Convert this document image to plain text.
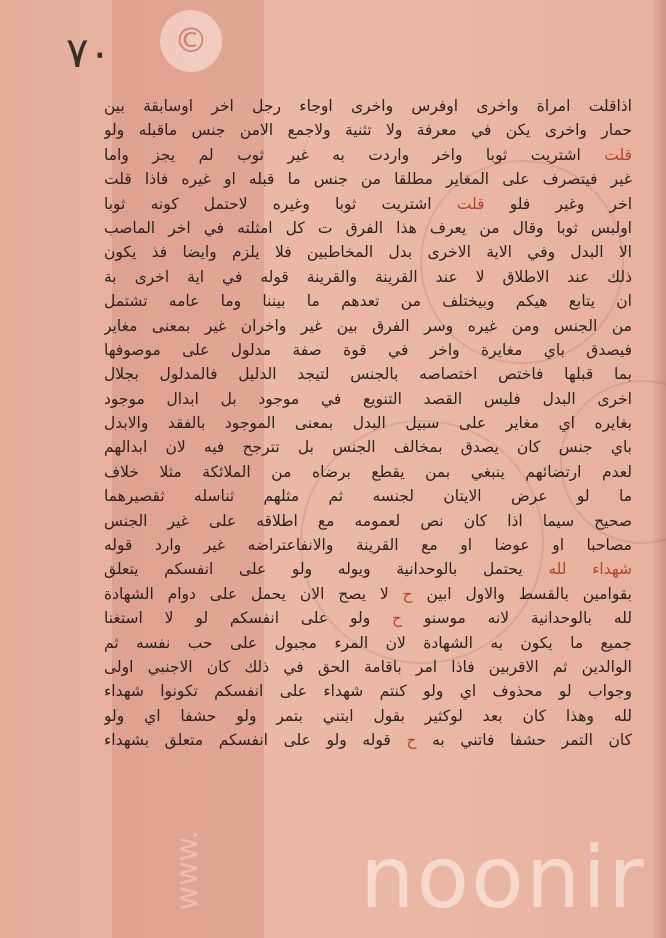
٧٠	©
اذاقلت امراة واخرى اوفرس واخرى اوجاء رجل اخر اوسابقة بين
حمار واخرى يكن في معرفة ولا تثنية ولاجمع الامن جنس ماقبله ولو
قلت اشتريت ثوبا واخر واردت به غير ثوب لم يجز واما
غير فيتصرف على المغاير مطلقا من جنس ما قبله او غيره فاذا قلت
اخر وغير فلو قلت اشتريت ثوبا وغيره لاحتمل كونه ثوبا
اولبس ثوبا وقال من يعرف هذا الفرق ت كل امثلته في اخر الماصب
الا البدل وفي الاية الاخرى بدل المخاطبين فلا يلزم وايضا فذ يكون
ذلك عند الاطلاق لا عند القرينة والقرينة قوله في اية اخرى بة
ان يتابع هيكم وبيختلف من تعدهم ما بيننا وما عامه تشتمل
من الجنس ومن غيره وسر الفرق بين غير واخران غير بمعنى مغاير
فيصدق باي مغايرة واخر في قوة صفة مدلول على موصوفها
بما قبلها فاختص اختصاصه بالجنس لتيجد الدليل فالمدلول بجلال
اخرى البدل فليس القصد التنويع في موجود بل ابدال موجود
بغايره اي مغاير على سبيل البدل بمعنى الموجود بالفقد والابدل
باي جنس كان يصدق بمخالف الجنس بل تترجح فيه لان ابدالهم
لعدم ارتضائهم ينبغي بمن يقطع برضاه من الملائكة مثلا خلاف
ما لو عرض الايتان لجنسه ثم مثلهم ثناسله ثقصيرهما
صحيح سيما اذا كان نص لعمومه مع اطلاقه على غير الجنس
مصاحبا او عوضا او مع القرينة والانفاعتراضه غير وارد قوله
شهداء لله يحتمل بالوحدانية ويوله ولو على انفسكم يتعلق
بقوامين بالقسط والاول ابين ح لا يصح الان يحمل على دوام الشهادة
لله بالوحدانية لانه موسنو ح ولو على انفسكم لو لا استغنا
جميع ما يكون به الشهادة لان المرء مجبول على حب نفسه ثم
الوالدين ثم الاقربين فاذا امر باقامة الحق في ذلك كان الاجنبي اولى
وجواب لو محذوف اي ولو كنتم شهداء على انفسكم تكونوا شهداء
لله وهذا كان بعد لوكثير بقول ابتني بتمر ولو حشفا اي ولو
كان التمر حشفا فاتني به ح قوله ولو على انفسكم متعلق بشهداء
www. noonir
